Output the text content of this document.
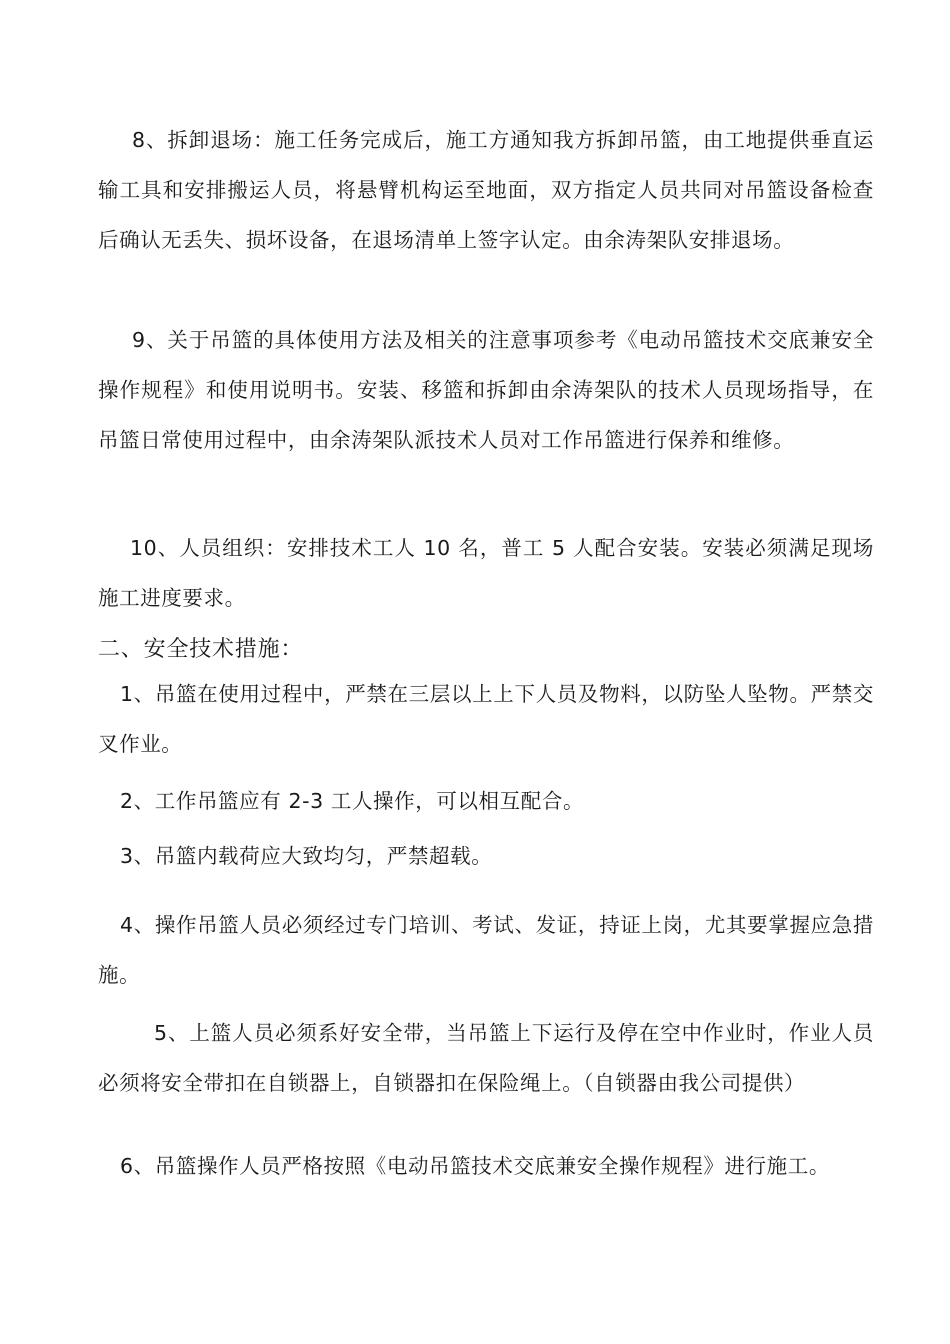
8、拆卸退场：施工任务完成后，施工方通知我方拆卸吊篮，由工地提供垂直运输工具和安排搬运人员，将悬臂机构运至地面，双方指定人员共同对吊篮设备检查后确认无丢失、损坏设备，在退场清单上签字认定。由余涛架队安排退场。

9、关于吊篮的具体使用方法及相关的注意事项参考《电动吊篮技术交底兼安全操作规程》和使用说明书。安装、移篮和拆卸由余涛架队的技术人员现场指导，在吊篮日常使用过程中，由余涛架队派技术人员对工作吊篮进行保养和维修。

10、人员组织：安排技术工人 10 名，普工 5 人配合安装。安装必须满足现场施工进度要求。

二、安全技术措施：

1、吊篮在使用过程中，严禁在三层以上上下人员及物料，以防坠人坠物。严禁交叉作业。

2、工作吊篮应有 2-3 工人操作，可以相互配合。

3、吊篮内载荷应大致均匀，严禁超载。

4、操作吊篮人员必须经过专门培训、考试、发证，持证上岗，尤其要掌握应急措施。

5、上篮人员必须系好安全带，当吊篮上下运行及停在空中作业时，作业人员必须将安全带扣在自锁器上，自锁器扣在保险绳上。（自锁器由我公司提供）

6、吊篮操作人员严格按照《电动吊篮技术交底兼安全操作规程》进行施工。
